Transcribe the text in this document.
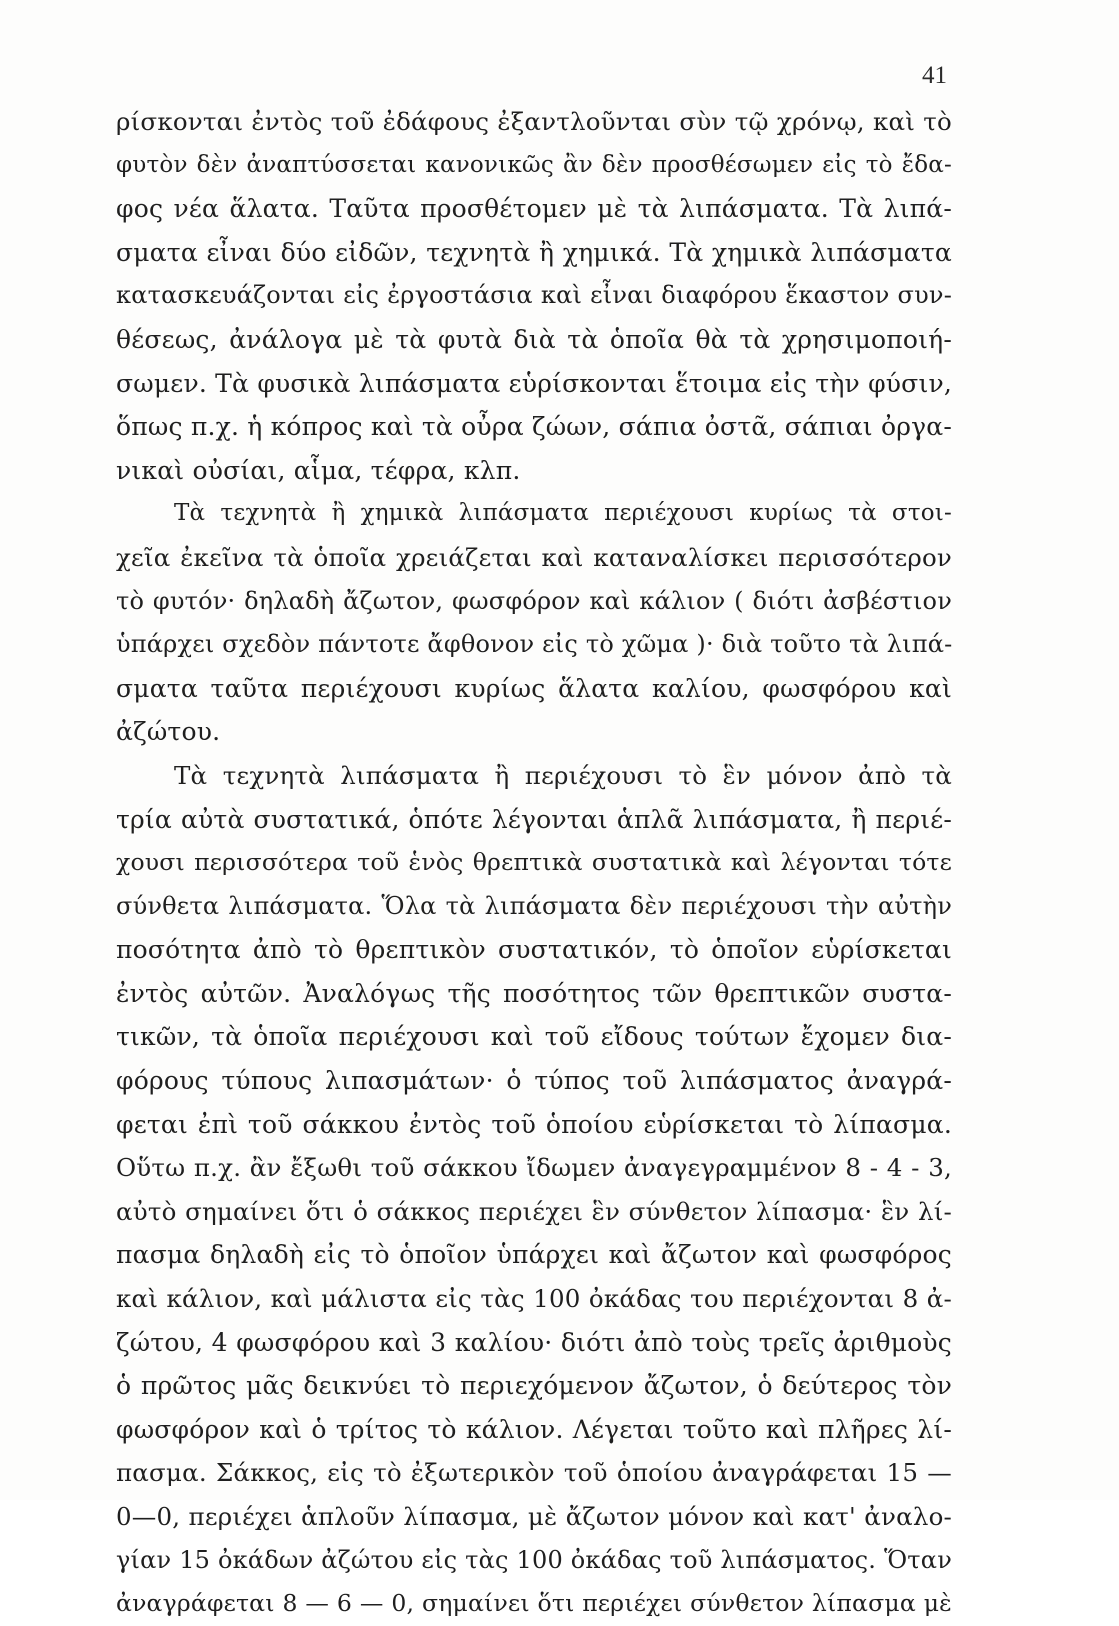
41
ρίσκονται ἐντὸς τοῦ ἐδάφους ἐξαντλοῦνται σὺν τῷ χρόνῳ, καὶ τὸ
φυτὸν δὲν ἀναπτύσσεται κανονικῶς ἂν δὲν προσθέσωμεν εἰς τὸ ἔδα-
φος νέα ἅλατα. Ταῦτα προσθέτομεν μὲ τὰ λιπάσματα. Τὰ λιπά-
σματα εἶναι δύο εἰδῶν, τεχνητὰ ἢ χημικά. Τὰ χημικὰ λιπάσματα
κατασκευάζονται εἰς ἐργοστάσια καὶ εἶναι διαφόρου ἕκαστον συν-
θέσεως, ἀνάλογα μὲ τὰ φυτὰ διὰ τὰ ὁποῖα θὰ τὰ χρησιμοποιή-
σωμεν. Τὰ φυσικὰ λιπάσματα εὑρίσκονται ἕτοιμα εἰς τὴν φύσιν,
ὅπως π.χ. ἡ κόπρος καὶ τὰ οὖρα ζώων, σάπια ὀστᾶ, σάπιαι ὀργα-
νικαὶ οὐσίαι, αἷμα, τέφρα, κλπ.
Τὰ τεχνητὰ ἢ χημικὰ λιπάσματα περιέχουσι κυρίως τὰ στοι-
χεῖα ἐκεῖνα τὰ ὁποῖα χρειάζεται καὶ καταναλίσκει περισσότερον
τὸ φυτόν· δηλαδὴ ἄζωτον, φωσφόρον καὶ κάλιον ( διότι ἀσβέστιον
ὑπάρχει σχεδὸν πάντοτε ἄφθονον εἰς τὸ χῶμα )· διὰ τοῦτο τὰ λιπά-
σματα ταῦτα περιέχουσι κυρίως ἅλατα καλίου, φωσφόρου καὶ
ἀζώτου.
Τὰ τεχνητὰ λιπάσματα ἢ περιέχουσι τὸ ἓν μόνον ἀπὸ τὰ
τρία αὐτὰ συστατικά, ὁπότε λέγονται ἁπλᾶ λιπάσματα, ἢ περιέ-
χουσι περισσότερα τοῦ ἑνὸς θρεπτικὰ συστατικὰ καὶ λέγονται τότε
σύνθετα λιπάσματα. Ὅλα τὰ λιπάσματα δὲν περιέχουσι τὴν αὐτὴν
ποσότητα ἀπὸ τὸ θρεπτικὸν συστατικόν, τὸ ὁποῖον εὑρίσκεται
ἐντὸς αὐτῶν. Ἀναλόγως τῆς ποσότητος τῶν θρεπτικῶν συστα-
τικῶν, τὰ ὁποῖα περιέχουσι καὶ τοῦ εἴδους τούτων ἔχομεν δια-
φόρους τύπους λιπασμάτων· ὁ τύπος τοῦ λιπάσματος ἀναγρά-
φεται ἐπὶ τοῦ σάκκου ἐντὸς τοῦ ὁποίου εὑρίσκεται τὸ λίπασμα.
Οὕτω π.χ. ἂν ἔξωθι τοῦ σάκκου ἴδωμεν ἀναγεγραμμένον 8 - 4 - 3,
αὐτὸ σημαίνει ὅτι ὁ σάκκος περιέχει ἓν σύνθετον λίπασμα· ἓν λί-
πασμα δηλαδὴ εἰς τὸ ὁποῖον ὑπάρχει καὶ ἄζωτον καὶ φωσφόρος
καὶ κάλιον, καὶ μάλιστα εἰς τὰς 100 ὀκάδας του περιέχονται 8 ἀ-
ζώτου, 4 φωσφόρου καὶ 3 καλίου· διότι ἀπὸ τοὺς τρεῖς ἀριθμοὺς
ὁ πρῶτος μᾶς δεικνύει τὸ περιεχόμενον ἄζωτον, ὁ δεύτερος τὸν
φωσφόρον καὶ ὁ τρίτος τὸ κάλιον. Λέγεται τοῦτο καὶ πλῆρες λί-
πασμα. Σάκκος, εἰς τὸ ἐξωτερικὸν τοῦ ὁποίου ἀναγράφεται 15 —
0—0, περιέχει ἁπλοῦν λίπασμα, μὲ ἄζωτον μόνον καὶ κατ' ἀναλο-
γίαν 15 ὀκάδων ἀζώτου εἰς τὰς 100 ὀκάδας τοῦ λιπάσματος. Ὅταν
ἀναγράφεται 8 — 6 — 0, σημαίνει ὅτι περιέχει σύνθετον λίπασμα μὲ
